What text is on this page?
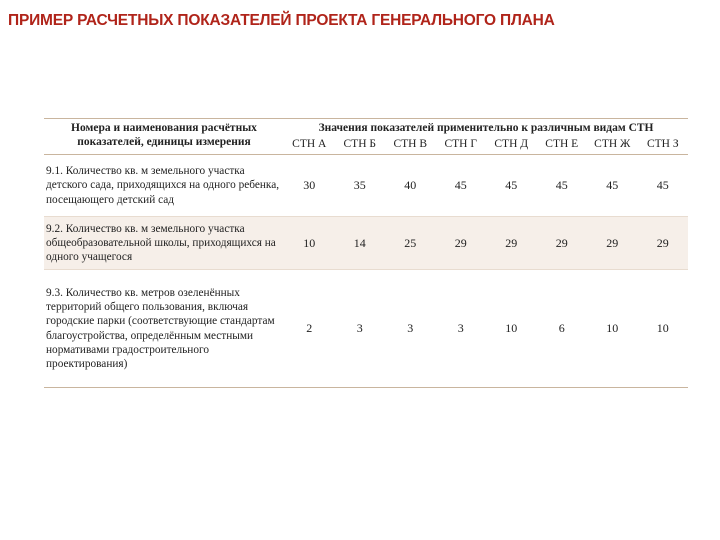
ПРИМЕР РАСЧЕТНЫХ ПОКАЗАТЕЛЕЙ ПРОЕКТА ГЕНЕРАЛЬНОГО ПЛАНА
Номера и наименования расчётных показателей, единицы измерения	Значения показателей применительно к различным видам СТН							
	СТН А	СТН Б	СТН В	СТН Г	СТН Д	СТН Е	СТН Ж	СТН З
9.1. Количество кв. м земельного участка детского сада, приходящихся на одного ребенка, посещающего детский сад	30	35	40	45	45	45	45	45
9.2. Количество кв. м земельного участка общеобразовательной школы, приходящихся на одного учащегося	10	14	25	29	29	29	29	29
9.3. Количество кв. метров озеленённых территорий общего пользования, включая городские парки (соответствующие стандартам благоустройства, определённым местными нормативами градостроительного проектирования)	2	3	3	3	10	6	10	10
